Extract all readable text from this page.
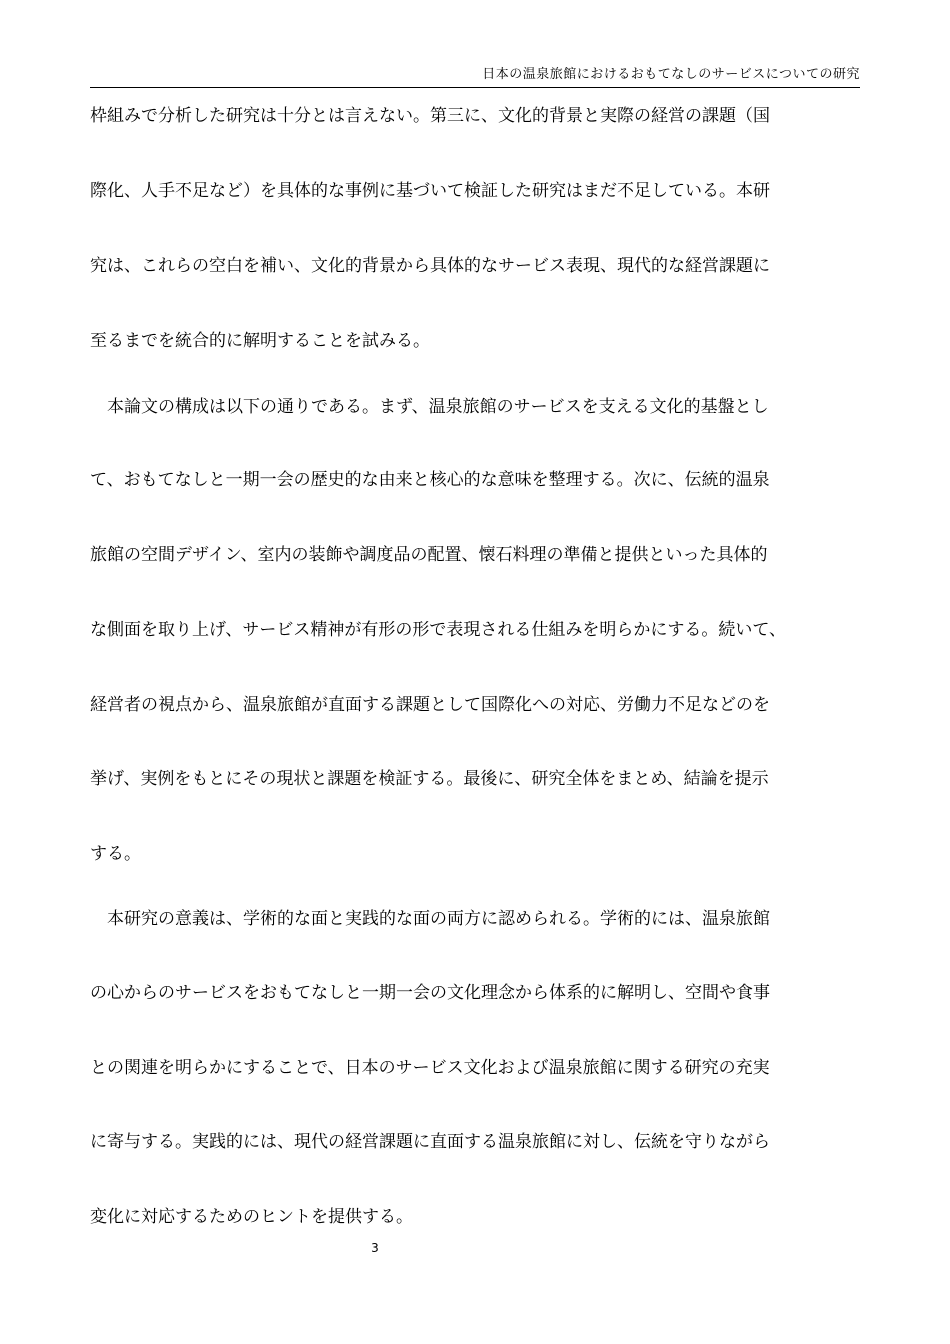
日本の温泉旅館におけるおもてなしのサービスについての研究
枠組みで分析した研究は十分とは言えない。第三に、文化的背景と実際の経営の課題（国
際化、人手不足など）を具体的な事例に基づいて検証した研究はまだ不足している。本研
究は、これらの空白を補い、文化的背景から具体的なサービス表現、現代的な経営課題に
至るまでを統合的に解明することを試みる。
　本論文の構成は以下の通りである。まず、温泉旅館のサービスを支える文化的基盤とし
て、おもてなしと一期一会の歴史的な由来と核心的な意味を整理する。次に、伝統的温泉
旅館の空間デザイン、室内の装飾や調度品の配置、懐石料理の準備と提供といった具体的
な側面を取り上げ、サービス精神が有形の形で表現される仕組みを明らかにする。続いて、
経営者の視点から、温泉旅館が直面する課題として国際化への対応、労働力不足などのを
挙げ、実例をもとにその現状と課題を検証する。最後に、研究全体をまとめ、結論を提示
する。
　本研究の意義は、学術的な面と実践的な面の両方に認められる。学術的には、温泉旅館
の心からのサービスをおもてなしと一期一会の文化理念から体系的に解明し、空間や食事
との関連を明らかにすることで、日本のサービス文化および温泉旅館に関する研究の充実
に寄与する。実践的には、現代の経営課題に直面する温泉旅館に対し、伝統を守りながら
変化に対応するためのヒントを提供する。
3
